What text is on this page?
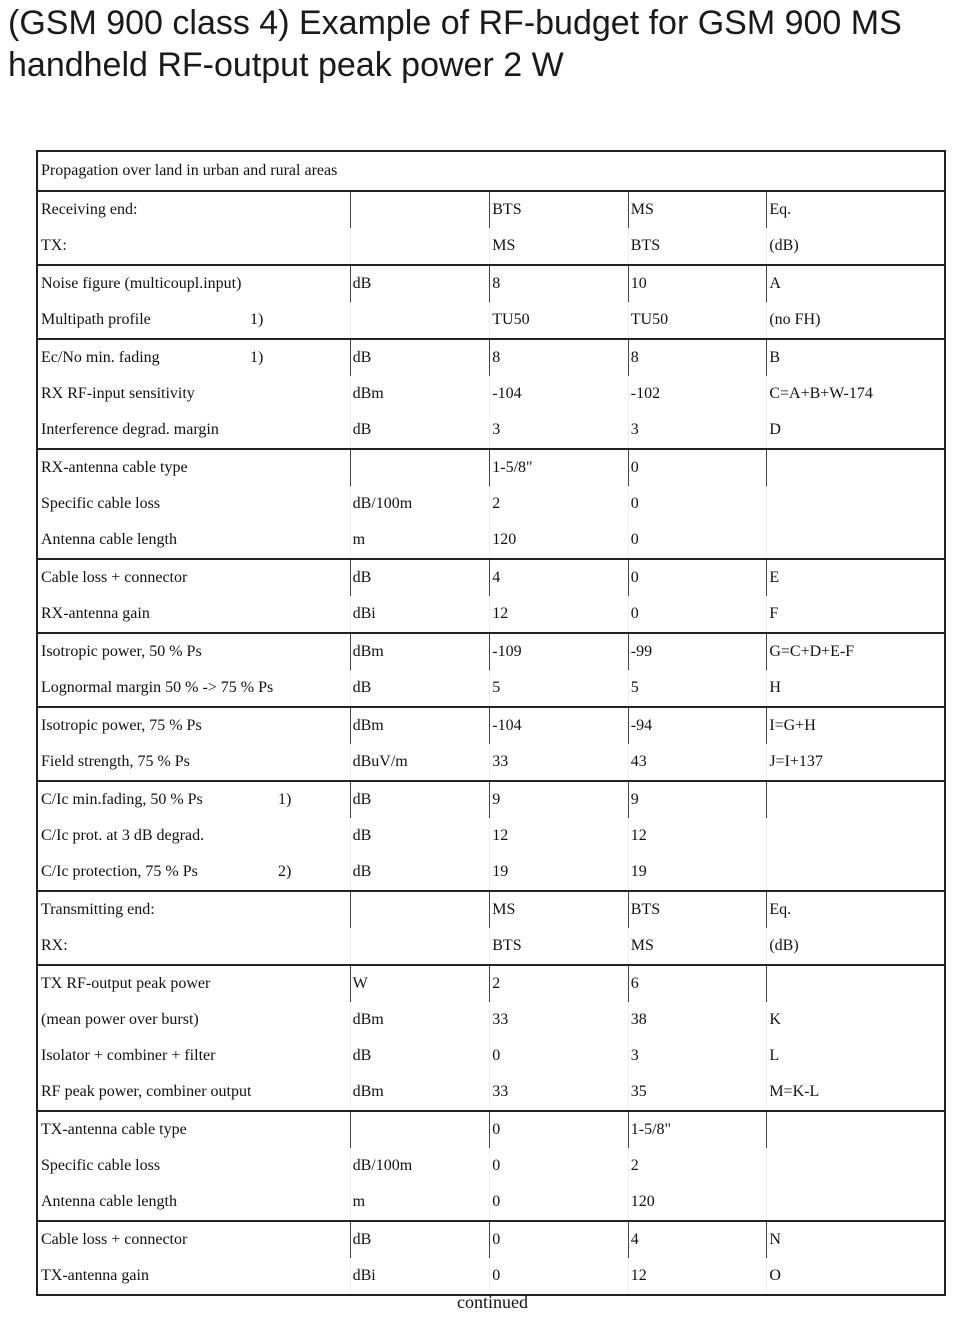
(GSM 900 class 4) Example of RF-budget for GSM 900 MS
handheld RF-output peak power 2 W
Propagation over land in urban and rural areas				
Receiving end:		BTS	MS	Eq.
TX:		MS	BTS	(dB)
Noise figure (multicoupl.input)	dB	8	10	A
Multipath profile 1)		TU50	TU50	(no FH)
Ec/No min. fading 1)	dB	8	8	B
RX RF-input sensitivity	dBm	-104	-102	C=A+B+W-174
Interference degrad. margin	dB	3	3	D
RX-antenna cable type		1-5/8"	0	
Specific cable loss	dB/100m	2	0	
Antenna cable length	m	120	0	
Cable loss + connector	dB	4	0	E
RX-antenna gain	dBi	12	0	F
Isotropic power, 50 % Ps	dBm	-109	-99	G=C+D+E-F
Lognormal margin 50 % -> 75 % Ps	dB	5	5	H
Isotropic power, 75 % Ps	dBm	-104	-94	I=G+H
Field strength, 75 % Ps	dBuV/m	33	43	J=I+137
C/Ic min.fading, 50 % Ps 1)	dB	9	9	
C/Ic prot. at 3 dB degrad.	dB	12	12	
C/Ic protection, 75 % Ps 2)	dB	19	19	
Transmitting end:		MS	BTS	Eq.
RX:		BTS	MS	(dB)
TX RF-output peak power	W	2	6	
(mean power over burst)	dBm	33	38	K
Isolator + combiner + filter	dB	0	3	L
RF peak power, combiner output	dBm	33	35	M=K-L
TX-antenna cable type		0	1-5/8"	
Specific cable loss	dB/100m	0	2	
Antenna cable length	m	0	120	
Cable loss + connector	dB	0	4	N
TX-antenna gain	dBi	0	12	O
continued
